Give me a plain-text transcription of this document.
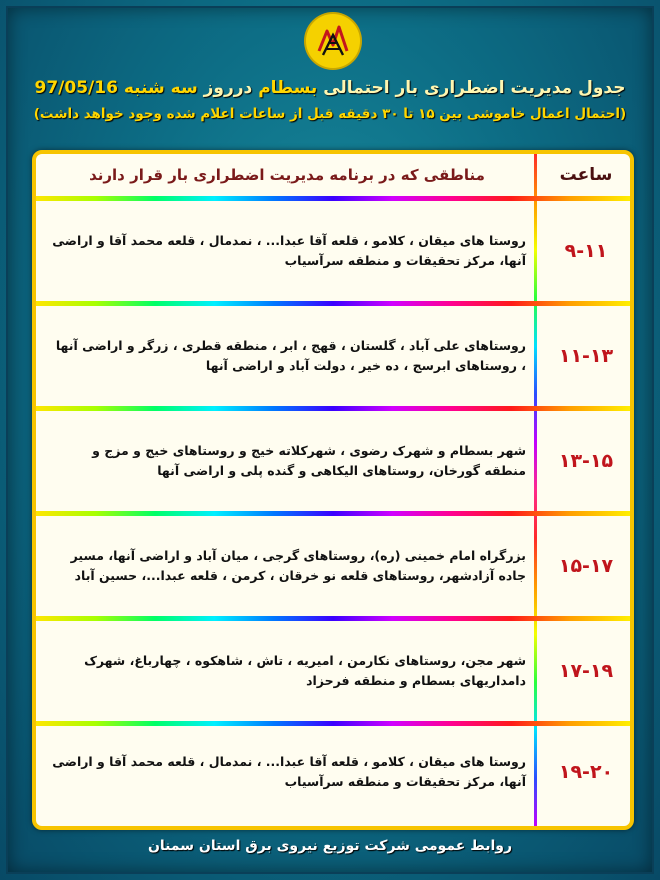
جدول مدیریت اضطراری بار احتمالی بسطام درروز سه شنبه 97/05/16
(احتمال اعمال خاموشی بین ۱۵ تا ۳۰ دقیقه قبل از ساعات اعلام شده وجود خواهد داشت)
ساعت
مناطقی که در برنامه مدیریت اضطراری بار قرار دارند
۹-۱۱
روستا های میقان ، کلامو ، قلعه آقا عبدا... ، نمدمال ، قلعه محمد آقا و اراضی آنها، مرکز تحقیقات و منطقه سرآسیاب
۱۱-۱۳
روستاهای علی آباد ، گلستان ، قهج ، ابر ، منطقه قطری ، زرگر و اراضی آنها ، روستاهای ابرسج ، ده خیر ، دولت آباد و اراضی آنها
۱۳-۱۵
شهر بسطام و شهرک رضوی ، شهرکلاته خیج و روستاهای خیج و مزج و منطقه گورخان، روستاهای الیکاهی و گنده پلی و اراضی آنها
۱۵-۱۷
بزرگراه امام خمینی (ره)، روستاهای گرجی ، میان آباد و اراضی آنها، مسیر جاده آزادشهر، روستاهای قلعه نو خرقان ، کرمن ، قلعه عبدا...، حسین آباد
۱۷-۱۹
شهر مجن، روستاهای نکارمن ، امیریه ، تاش ، شاهکوه ، چهارباغ، شهرک دامداریهای بسطام و منطقه فرحزاد
۱۹-۲۰
روستا های میقان ، کلامو ، قلعه آقا عبدا... ، نمدمال ، قلعه محمد آقا و اراضی آنها، مرکز تحقیقات و منطقه سرآسیاب
روابط عمومی شرکت توزیع نیروی برق استان سمنان
